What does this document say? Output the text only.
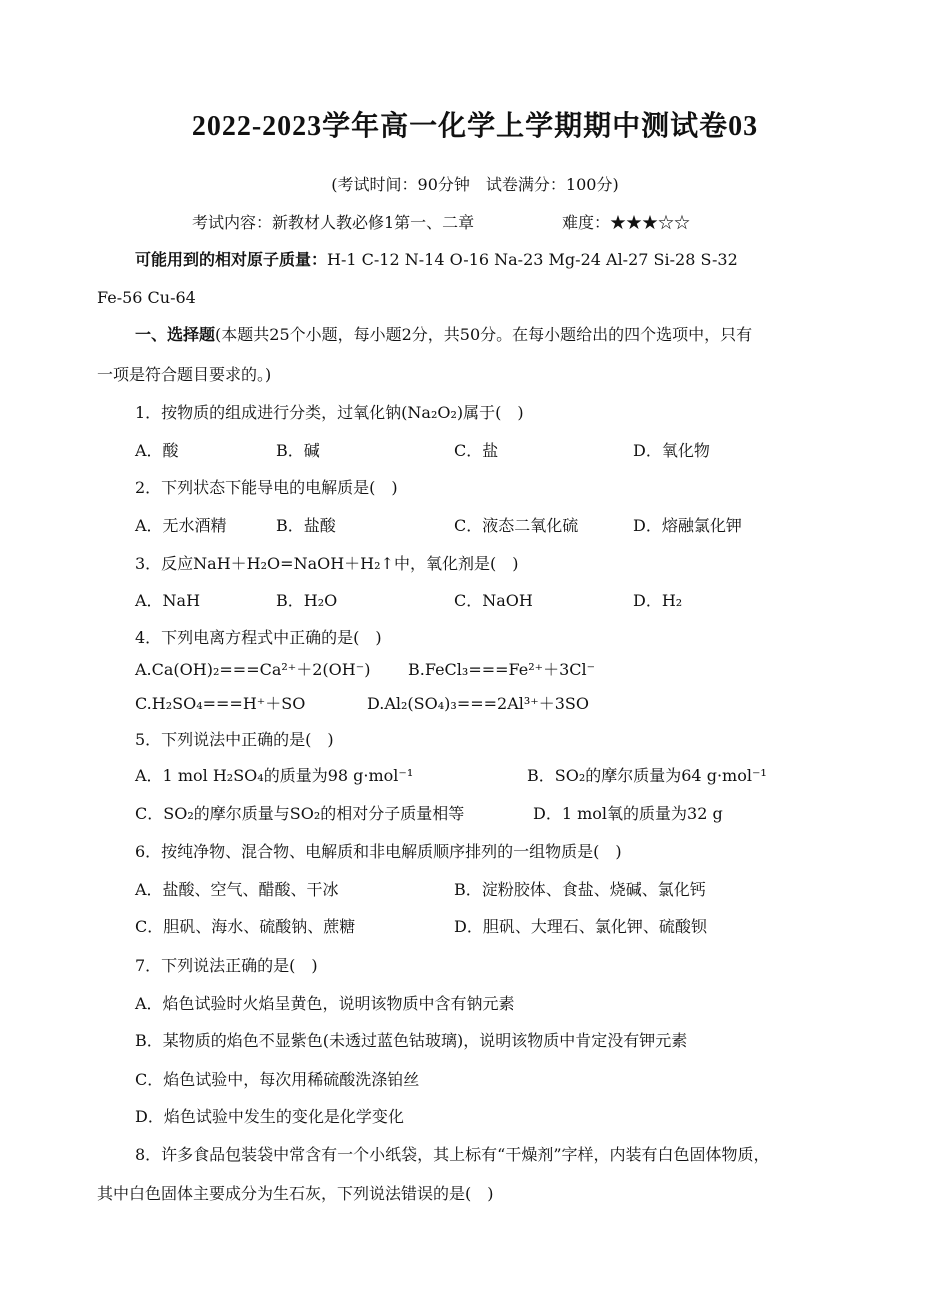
2022-2023学年高一化学上学期期中测试卷03
(考试时间：90分钟　试卷满分：100分)
考试内容：新教材人教必修1第一、二章	难度：★★★☆☆
可能用到的相对原子质量：H-1 C-12 N-14 O-16 Na-23 Mg-24 Al-27 Si-28 S-32
Fe-56 Cu-64
一、选择题(本题共25个小题，每小题2分，共50分。在每小题给出的四个选项中，只有
一项是符合题目要求的。)
1．按物质的组成进行分类，过氧化钠(Na₂O₂)属于(　)
A．酸	B．碱	C．盐	D．氧化物
2．下列状态下能导电的电解质是(　)
A．无水酒精	B．盐酸	C．液态二氧化硫	D．熔融氯化钾
3．反应NaH＋H₂O=NaOH＋H₂↑中，氧化剂是(　)
A．NaH	B．H₂O	C．NaOH	D．H₂
4．下列电离方程式中正确的是(　)
A.Ca(OH)₂===Ca²⁺＋2(OH⁻) B.FeCl₃===Fe²⁺＋3Cl⁻
C.H₂SO₄===H⁺＋SO	D.Al₂(SO₄)₃===2Al³⁺＋3SO
5．下列说法中正确的是(　)
A．1 mol H₂SO₄的质量为98 g·mol⁻¹	B．SO₂的摩尔质量为64 g·mol⁻¹
C．SO₂的摩尔质量与SO₂的相对分子质量相等	D．1 mol氧的质量为32 g
6．按纯净物、混合物、电解质和非电解质顺序排列的一组物质是(　)
A．盐酸、空气、醋酸、干冰	B．淀粉胶体、食盐、烧碱、氯化钙
C．胆矾、海水、硫酸钠、蔗糖	D．胆矾、大理石、氯化钾、硫酸钡
7．下列说法正确的是(　)
A．焰色试验时火焰呈黄色，说明该物质中含有钠元素
B．某物质的焰色不显紫色(未透过蓝色钴玻璃)，说明该物质中肯定没有钾元素
C．焰色试验中，每次用稀硫酸洗涤铂丝
D．焰色试验中发生的变化是化学变化
8．许多食品包装袋中常含有一个小纸袋，其上标有“干燥剂”字样，内装有白色固体物质，
其中白色固体主要成分为生石灰，下列说法错误的是(　)
